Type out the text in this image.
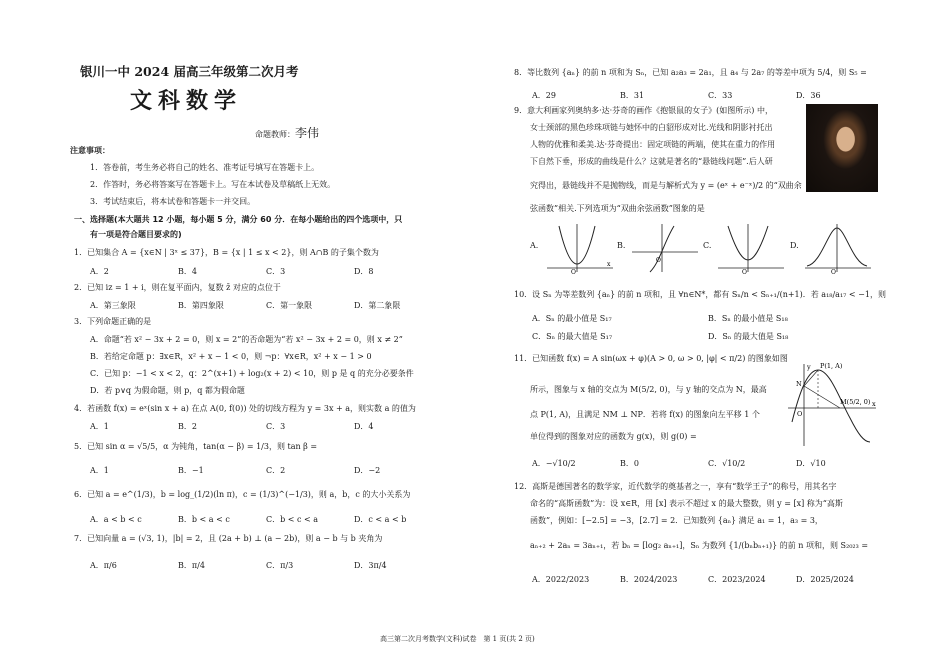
银川一中 2024 届高三年级第二次月考
文科数学
命题教师：李伟
注意事项：
1．答卷前，考生务必将自己的姓名、准考证号填写在答题卡上。
2．作答时，务必将答案写在答题卡上。写在本试卷及草稿纸上无效。
3．考试结束后，将本试卷和答题卡一并交回。
一、选择题(本大题共 12 小题，每小题 5 分，满分 60 分．在每小题给出的四个选项中，只
有一项是符合题目要求的)
1．已知集合 A = {x∈N | 3ˣ ≤ 37}，B = {x | 1 ≤ x < 2}，则 A∩B 的子集个数为
A．2	B．4	C．3	D．8
2．已知 iz = 1 + i，则在复平面内，复数 z̄ 对应的点位于
A．第三象限	B．第四象限	C．第一象限	D．第二象限
3．下列命题正确的是
A．命题“若 x² − 3x + 2 = 0，则 x = 2”的否命题为“若 x² − 3x + 2 = 0，则 x ≠ 2”
B．若给定命题 p：∃x∈R，x² + x − 1 < 0，则 ¬p：∀x∈R，x² + x − 1 > 0
C．已知 p：−1 < x < 2，q：2^(x+1) + log₂(x + 2) < 10，则 p 是 q 的充分必要条件
D．若 p∨q 为假命题，则 p，q 都为假命题
4．若函数 f(x) = eˣ(sin x + a) 在点 A(0, f(0)) 处的切线方程为 y = 3x + a，则实数 a 的值为
A．1	B．2	C．3	D．4
5．已知 sin α = √5/5，α 为钝角，tan(α − β) = 1/3，则 tan β =
A．1	B．−1	C．2	D．−2
6．已知 a = e^(1/3)，b = log_(1/2)(ln π)，c = (1/3)^(−1/3)，则 a，b，c 的大小关系为
A．a < b < c	B．b < a < c	C．b < c < a	D．c < a < b
7．已知向量 a = (√3, 1)，|b| = 2，且 (2a + b) ⊥ (a − 2b)，则 a − b 与 b 夹角为
A．π/6	B．π/4	C．π/3	D．3π/4
8．等比数列 {aₙ} 的前 n 项和为 Sₙ，已知 a₂a₃ = 2a₁，且 a₄ 与 2a₇ 的等差中项为 5/4，则 S₅ =
A．29	B．31	C．33	D．36
9．意大利画家列奥纳多·达·芬奇的画作《抱银鼠的女子》(如图所示) 中，
女士颈部的黑色珍珠项链与她怀中的白貂形成对比.光线和阴影衬托出
人物的优雅和柔美.达·芬奇提出：固定项链的两端，使其在重力的作用
下自然下垂，形成的曲线是什么？这就是著名的“悬链线问题”.后人研
究得出，悬链线并不是抛物线，而是与解析式为 y = (eˣ + e⁻ˣ)/2 的“双曲余
弦函数”相关.下列选项为“双曲余弦函数”图象的是
A.
O
x
B.
O
C.
O
D.
O
10．设 Sₙ 为等差数列 {aₙ} 的前 n 项和，且 ∀n∈N*，都有 Sₙ/n < Sₙ₊₁/(n+1)．若 a₁₈/a₁₇ < −1，则
A．Sₙ 的最小值是 S₁₇	B．Sₙ 的最小值是 S₁₈
C．Sₙ 的最大值是 S₁₇	D．Sₙ 的最大值是 S₁₈
11．已知函数 f(x) = A sin(ωx + φ)(A > 0, ω > 0, |φ| < π/2) 的图象如图
所示，图象与 x 轴的交点为 M(5/2, 0)，与 y 轴的交点为 N，最高
点 P(1, A)，且满足 NM ⊥ NP．若将 f(x) 的图象向左平移 1 个
单位得到的图象对应的函数为 g(x)，则 g(0) =
P(1, A)
M(5/2, 0)
N
O
x
y
A．−√10/2	B．0	C．√10/2	D．√10
12．高斯是德国著名的数学家，近代数学的奠基者之一，享有“数学王子”的称号，用其名字
命名的“高斯函数”为：设 x∈R，用 [x] 表示不超过 x 的最大整数，则 y = [x] 称为“高斯
函数”，例如：[−2.5] = −3，[2.7] = 2．已知数列 {aₙ} 满足 a₁ = 1，a₃ = 3，
aₙ₊₂ + 2aₙ = 3aₙ₊₁，若 bₙ = [log₂ aₙ₊₁]，Sₙ 为数列 {1/(bₙbₙ₊₁)} 的前 n 项和，则 S₂₀₂₃ =
A．2022/2023	B．2024/2023	C．2023/2024	D．2025/2024
高三第二次月考数学(文科)试卷　第 1 页(共 2 页)
